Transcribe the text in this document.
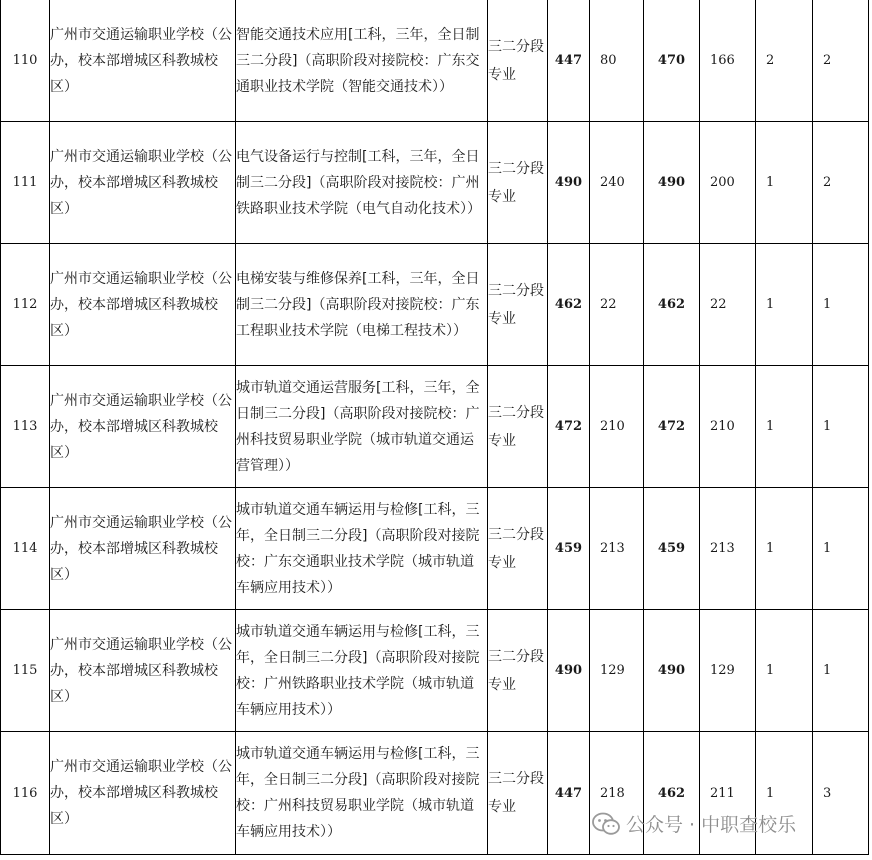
110	广州市交通运输职业学校（公办，校本部增城区科教城校区）	智能交通技术应用[工科，三年，全日制三二分段]（高职阶段对接院校：广东交通职业技术学院（智能交通技术））	三二分段专业	447	80	470	166	2	2
111	广州市交通运输职业学校（公办，校本部增城区科教城校区）	电气设备运行与控制[工科，三年，全日制三二分段]（高职阶段对接院校：广州铁路职业技术学院（电气自动化技术））	三二分段专业	490	240	490	200	1	2
112	广州市交通运输职业学校（公办，校本部增城区科教城校区）	电梯安装与维修保养[工科，三年，全日制三二分段]（高职阶段对接院校：广东工程职业技术学院（电梯工程技术））	三二分段专业	462	22	462	22	1	1
113	广州市交通运输职业学校（公办，校本部增城区科教城校区）	城市轨道交通运营服务[工科，三年，全日制三二分段]（高职阶段对接院校：广州科技贸易职业学院（城市轨道交通运营管理））	三二分段专业	472	210	472	210	1	1
114	广州市交通运输职业学校（公办，校本部增城区科教城校区）	城市轨道交通车辆运用与检修[工科，三年，全日制三二分段]（高职阶段对接院校：广东交通职业技术学院（城市轨道车辆应用技术））	三二分段专业	459	213	459	213	1	1
115	广州市交通运输职业学校（公办，校本部增城区科教城校区）	城市轨道交通车辆运用与检修[工科，三年，全日制三二分段]（高职阶段对接院校：广州铁路职业技术学院（城市轨道车辆应用技术））	三二分段专业	490	129	490	129	1	1
116	广州市交通运输职业学校（公办，校本部增城区科教城校区）	城市轨道交通车辆运用与检修[工科，三年，全日制三二分段]（高职阶段对接院校：广州科技贸易职业学院（城市轨道车辆应用技术））	三二分段专业	447	218	462	211	1	3
公众号 · 中职查校乐
